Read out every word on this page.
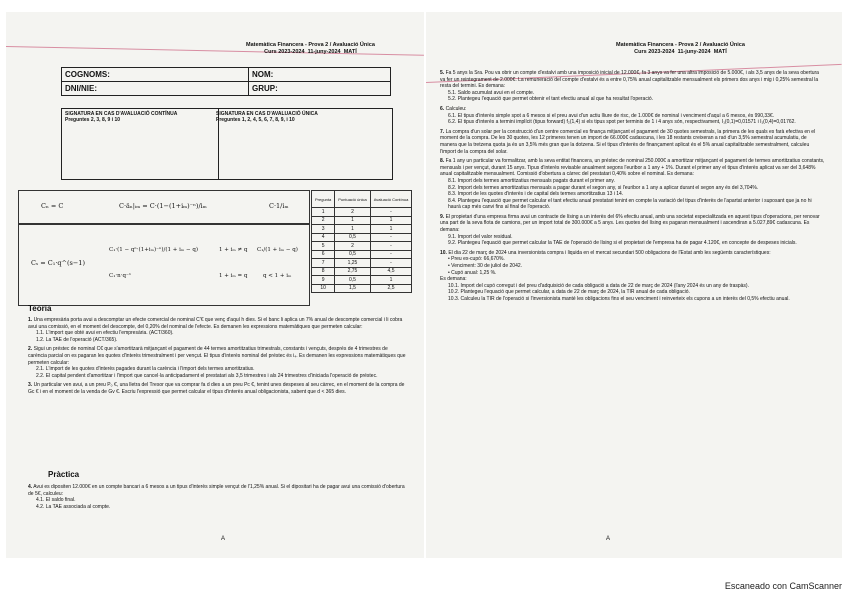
Matemàtica Financera - Prova 2 / Avaluació Única
Curs 2023-2024 11-juny-2024 MATÍ
COGNOMS:	NOM:
DNI/NIE:	GRUP:
SIGNATURA EN CAS D'AVALUACIÓ CONTÍNUA
Preguntes 2, 3, 8, 9 i 10
SIGNATURA EN CAS D'AVALUACIÓ ÚNICA
Preguntes 1, 2, 4, 5, 6, 7, 8, 9, i 10
Cₙ = C	C·äₙ|ᵢₘ = C·(1−(1+iₘ)⁻ⁿ)/iₘ	C·1/iₘ
Cₛ = C₁·q^(s−1)
C₁·(1 − qⁿ·(1+iₘ)⁻ⁿ)/(1 + iₘ − q)
C₁·n·q⁻¹
1 + iₘ ≠ q
1 + iₘ = q
C₁/(1 + iₘ − q)
q < 1 + iₘ
Pregunta	Puntuació única	Avaluació Contínua
1	2	-
2	1	1
3	1	1
4	0,5	-
5	2	-
6	0,5	-
7	1,25	-
8	2,75	4,5
9	0,5	1
10	1,5	2,5
Teoria
1. Una empresària porta avui a descomptar un efecte comercial de nominal C'€ que venç d'aquí h dies. Si el banc li aplica un 7% anual de descompte comercial i li cobra avui una comissió, en el moment del descompte, del 0,20% del nominal de l'efecte. Es demanen les expressions matemàtiques que permeten calcular:
1.1. L'import que obté avui en efectiu l'empresària. (ACT/360).
1.2. La TAE de l'operació (ACT/365).
2. Sigui un préstec de nominal C€ que s'amortitzarà mitjançant el pagament de 44 termes amortitzatius trimestrals, constants i vençuts, després de 4 trimestres de carència parcial on es pagaran les quotes d'interès trimestralment i per vençut. El tipus d'interès nominal del préstec és i₄. Es demanen les expressions matemàtiques que permeten calcular:
2.1. L'import de les quotes d'interès pagades durant la carència i l'import dels termes amortitzatius.
2.2. El capital pendent d'amortitzar i l'import que cancel·la anticipadament el prestatari als 3,5 trimestres i als 24 trimestres d'iniciada l'operació de préstec.
3. Un particular ven avui, a un preu P₀ €, una lletra del Tresor que va comprar fa d dies a un preu Pc €, tenint unes despeses al seu càrrec, en el moment de la compra de Gc € i en el moment de la venda de Gv €. Escriu l'expressió que permet calcular el tipus d'interès anual obligacionista, sabent que d < 365 dies.
Pràctica
4. Avui es dipositen 12.000€ en un compte bancari a 6 mesos a un tipus d'interès simple vençut de l'1,25% anual. Si el dipositari ha de pagar avui una comissió d'obertura de 5€, calculeu:
4.1. El saldo final.
4.2. La TAE associada al compte.
A
Matemàtica Financera - Prova 2 / Avaluació Única
Curs 2023-2024 11-juny-2024 MATÍ
5. Fa 5 anys la Sra. Pou va obrir un compte d'estalvi amb una imposició inicial de 12.000€, fa 3 anys va fer una altra imposició de 5.000€, i als 3,5 anys de la seva obertura va fer un reintegrament de 2.000€. La remuneració del compte d'estalvi és a entre 0,75% anual capitalitzable mensualment els primers dos anys i mig i 0,25% semestral la resta del termini. Es demana:
5.1. Saldo acumulat avui en el compte.
5.2. Plantegeu l'equació que permet obtenir el tant efectiu anual al que ha resultat l'operació.
6. Calculeu:
6.1. El tipus d'interès simple spot a 6 mesos si el preu avui d'un actiu lliure de risc, de 1.000€ de nominal i venciment d'aquí a 6 mesos, és 990,33€.
6.2. El tipus d'interès a termini implícit (tipus forward) f₂(1,4) si els tipus spot per terminis de 1 i 4 anys són, respectivament, I₁(0,1)=0,01571 i I₁(0,4)=0,01762.
7. La compra d'un solar per la construcció d'un centre comercial es finança mitjançant el pagament de 30 quotes semestrals, la primera de les quals es farà efectiva en el moment de la compra. De les 30 quotes, les 12 primeres tenen un import de 66.000€ cadascuna, i les 18 restants creixeran a raó d'un 3,5% semestral acumulatiu, de manera que la tretzena quota ja és un 3,5% més gran que la dotzena. Si el tipus d'interès de finançament aplicat és el 5% anual capitalitzable semestralment, calculeu l'import de la compra del solar.
8. Fa 1 any un particular va formalitzar, amb la seva entitat financera, un préstec de nominal 250.000€ a amortitzar mitjançant el pagament de termes amortitzatius constants, mensuals i per vençut, durant 15 anys. Tipus d'interès revisable anualment segons l'euribor a 1 any + 1%. Durant el primer any el tipus d'interès aplicat va ser del 3,648% anual capitalitzable mensualment. Comissió d'obertura a càrrec del prestatari 0,40% sobre el nominal. Es demana:
8.1. Import dels termes amortitzatius mensuals pagats durant el primer any.
8.2. Import dels termes amortitzatius mensuals a pagar durant el segon any, si l'euribor a 1 any a aplicar durant el segon any és del 3,704%.
8.3. Import de les quotes d'interès i de capital dels termes amortitzatius 13 i 14.
8.4. Plantegeu l'equació que permet calcular el tant efectiu anual prestatari tenint en compte la variació del tipus d'interès de l'apartat anterior i suposant que ja no hi haurà cap més canvi fins al final de l'operació.
9. El propietari d'una empresa firma avui un contracte de lísing a un interès del 6% efectiu anual, amb una societat especialitzada en aquest tipus d'operacions, per renovar una part de la seva flota de camions, per un import total de 300.000€ a 5 anys. Les quotes del lísing es pagaran mensualment i ascendiran a 5.027,89€ cadascuna. Es demana:
9.1. Import del valor residual.
9.2. Plantegeu l'equació que permet calcular la TAE de l'operació de lísing si el propietari de l'empresa ha de pagar 4.120€, en concepte de despeses inicials.
10. El dia 22 de març de 2024 una inversionista compra i liquida en el mercat secundari 500 obligacions de l'Estat amb les següents característiques:
• Preu ex-cupó: 66,670%.
• Venciment: 30 de juliol de 2042.
• Cupó anual: 1,25 %.
Es demana:
10.1. Import del cupó corregut i del preu d'adquisició de cada obligació a data de 22 de març de 2024 (l'any 2024 és un any de traspàs).
10.2. Plantegeu l'equació que permet calcular, a data de 22 de març de 2024, la TIR anual de cada obligació.
10.3. Calculeu la TIR de l'operació si l'inversionista manté les obligacions fins el seu venciment i reinverteix els cupons a un interès del 0,5% efectiu anual.
A
Escaneado con CamScanner
